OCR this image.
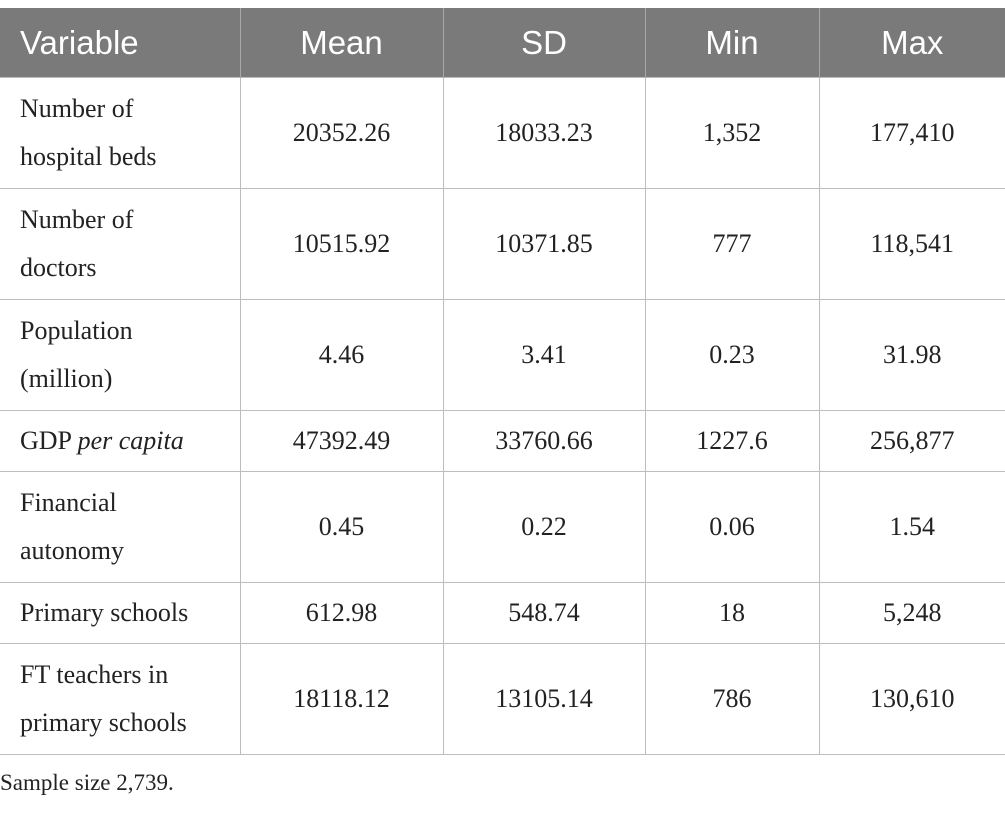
Variable	Mean	SD	Min	Max
Number of
hospital beds	20352.26	18033.23	1,352	177,410
Number of
doctors	10515.92	10371.85	777	118,541
Population
(million)	4.46	3.41	0.23	31.98
GDP per capita	47392.49	33760.66	1227.6	256,877
Financial
autonomy	0.45	0.22	0.06	1.54
Primary schools	612.98	548.74	18	5,248
FT teachers in
primary schools	18118.12	13105.14	786	130,610
Sample size 2,739.
